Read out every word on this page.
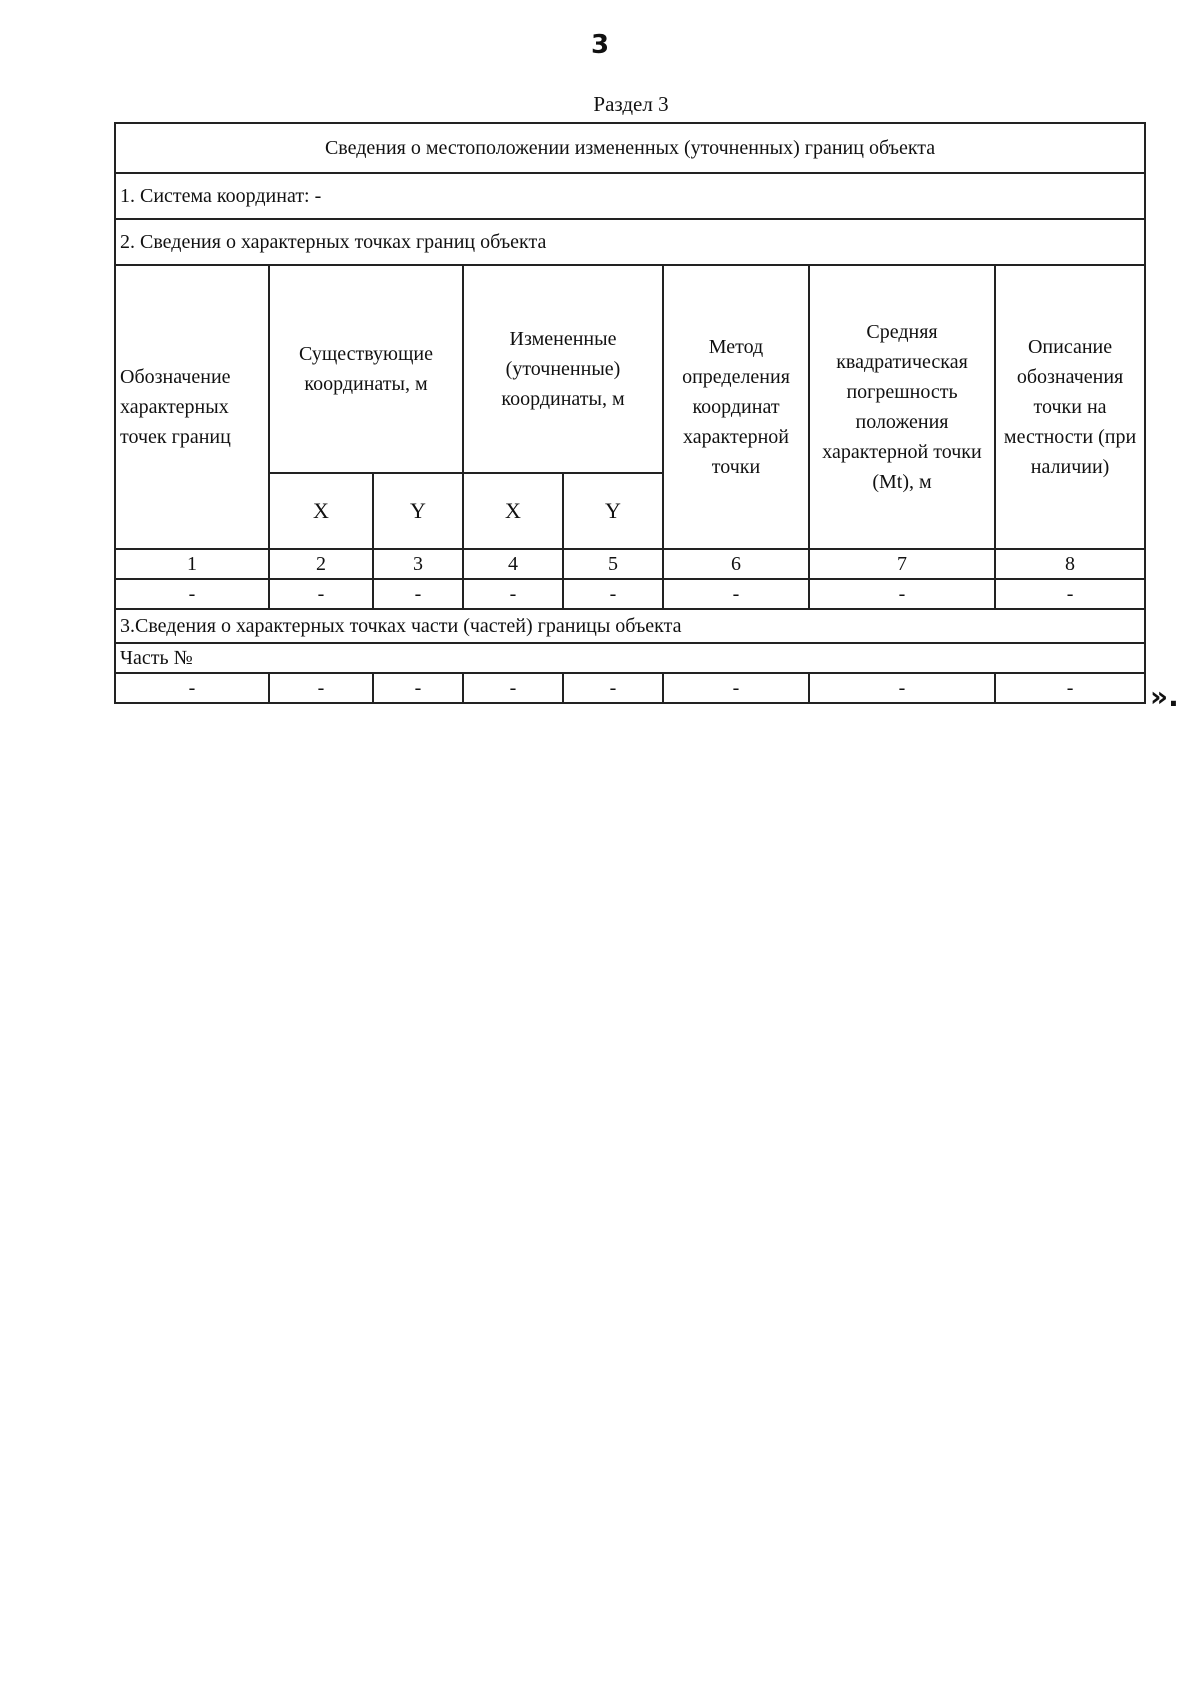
3
Раздел 3
Сведения о местоположении измененных (уточненных) границ объекта							
1. Система координат: -							
2. Сведения о характерных точках границ объекта							
Обозначение характерных точек границ	Существующие координаты, м		Измененные (уточненные) координаты, м		Метод определения координат характерной точки	Средняя квадратическая погрешность положения характерной точки (Mt), м	Описание обозначения точки на местности (при наличии)
	X	Y	X	Y			
1	2	3	4	5	6	7	8
-	-	-	-	-	-	-	-
3.Сведения о характерных точках части (частей) границы объекта							
Часть №							
-	-	-	-	-	-	-	-	».
